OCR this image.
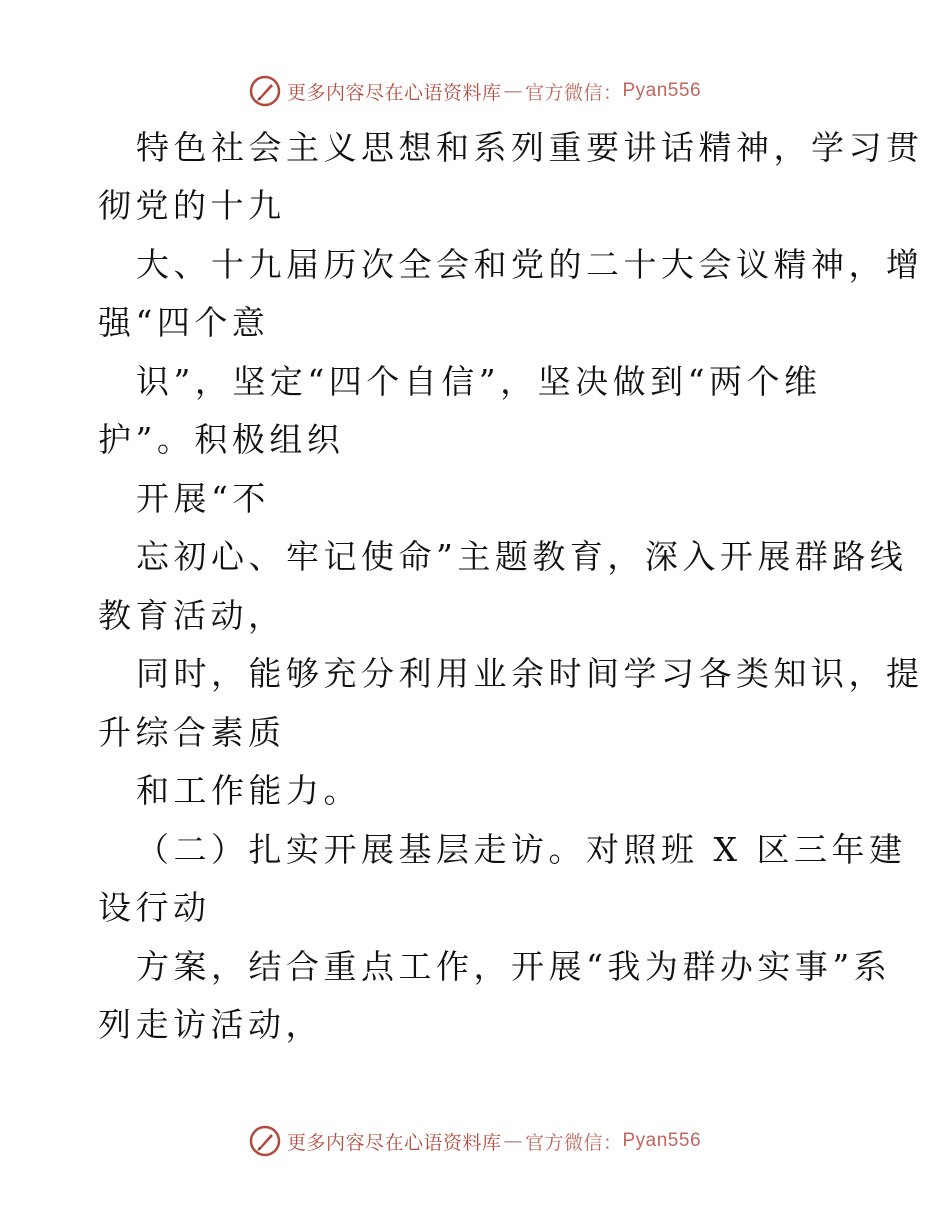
更多内容尽在心语资料库 — 官方微信： Pyan556
特色社会主义思想和系列重要讲话精神，学习贯
彻党的十九
大、十九届历次全会和党的二十大会议精神，增
强“四个意
识”，坚定“四个自信”，坚决做到“两个维
护”。积极组织
开展“不
忘初心、牢记使命”主题教育，深入开展群路线
教育活动，
同时，能够充分利用业余时间学习各类知识，提
升综合素质
和工作能力。
（二）扎实开展基层走访。对照班 X 区三年建
设行动
方案，结合重点工作，开展“我为群办实事”系
列走访活动，
更多内容尽在心语资料库 — 官方微信： Pyan556
